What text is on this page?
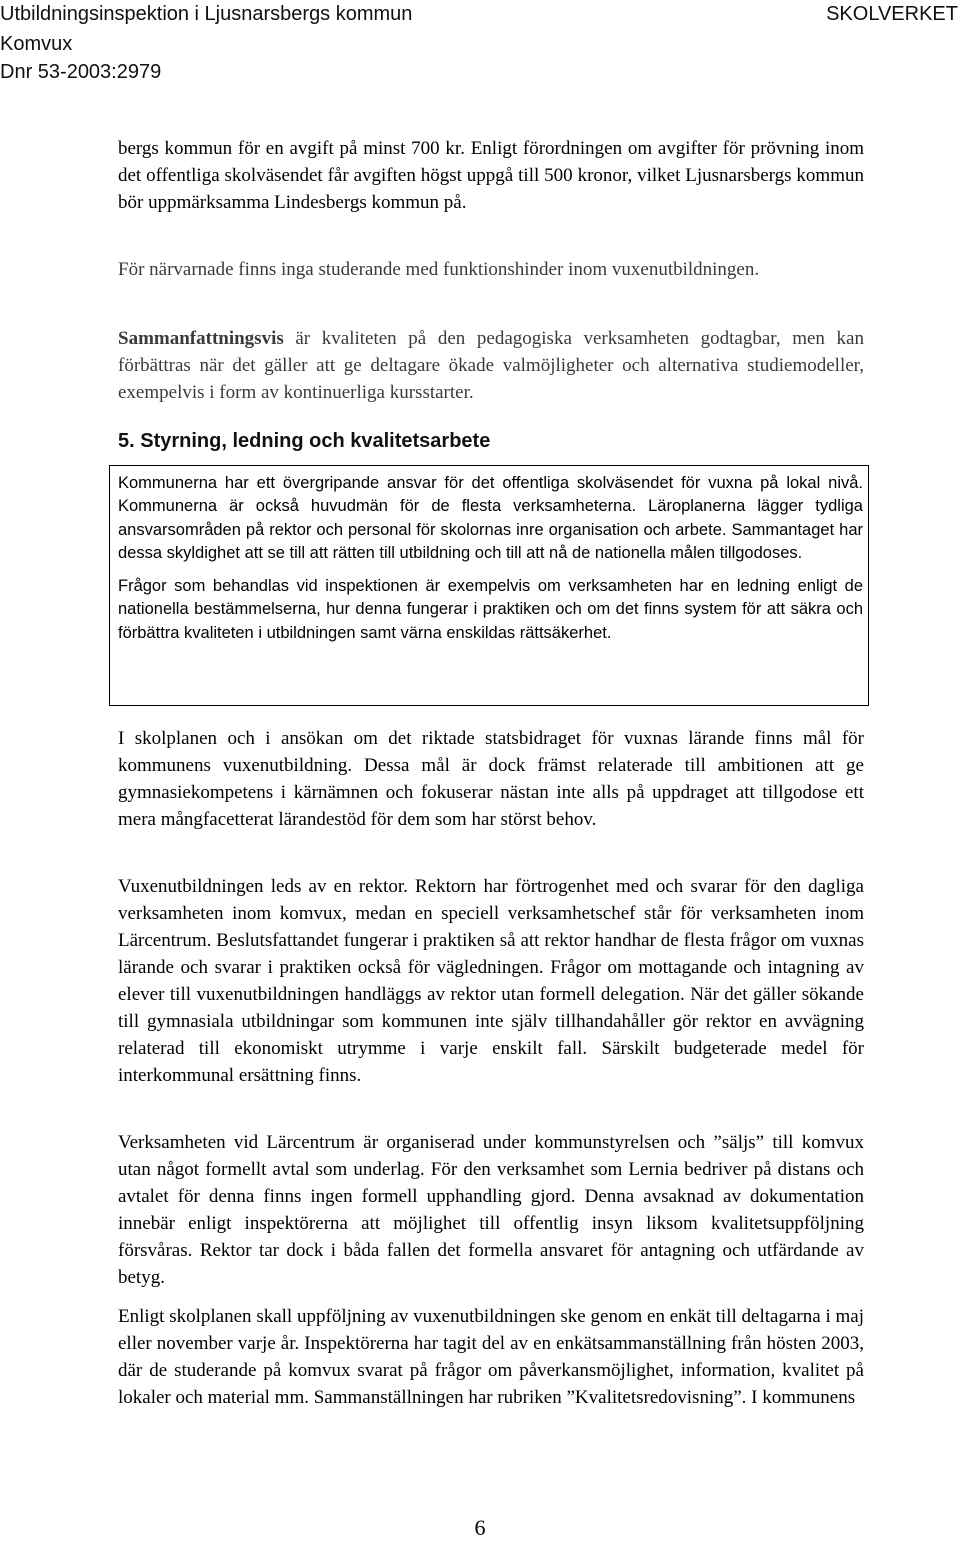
Utbildningsinspektion i Ljusnarsbergs kommun
Komvux
Dnr 53-2003:2979
SKOLVERKET

bergs kommun för en avgift på minst 700 kr. Enligt förordningen om avgifter för prövning inom det offentliga skolväsendet får avgiften högst uppgå till 500 kronor, vilket Ljusnarsbergs kommun bör uppmärksamma Lindesbergs kommun på.

För närvarnade finns inga studerande med funktionshinder inom vuxenutbildningen.

Sammanfattningsvis är kvaliteten på den pedagogiska verksamheten godtagbar, men kan förbättras när det gäller att ge deltagare ökade valmöjligheter och alternativa studiemodeller, exempelvis i form av kontinuerliga kursstarter.

5. Styrning, ledning och kvalitetsarbete

Kommunerna har ett övergripande ansvar för det offentliga skolväsendet för vuxna på lokal nivå. Kommunerna är också huvudmän för de flesta verksamheterna. Läroplanerna lägger tydliga ansvarsområden på rektor och personal för skolornas inre organisation och arbete. Sammantaget har dessa skyldighet att se till att rätten till utbildning och till att nå de nationella målen tillgodoses.

Frågor som behandlas vid inspektionen är exempelvis om verksamheten har en ledning enligt de nationella bestämmelserna, hur denna fungerar i praktiken och om det finns system för att säkra och förbättra kvaliteten i utbildningen samt värna enskildas rättsäkerhet.

I skolplanen och i ansökan om det riktade statsbidraget för vuxnas lärande finns mål för kommunens vuxenutbildning. Dessa mål är dock främst relaterade till ambitionen att ge gymnasiekompetens i kärnämnen och fokuserar nästan inte alls på uppdraget att tillgodose ett mera mångfacetterat lärandestöd för dem som har störst behov.

Vuxenutbildningen leds av en rektor. Rektorn har förtrogenhet med och svarar för den dagliga verksamheten inom komvux, medan en speciell verksamhetschef står för verksamheten inom Lärcentrum. Beslutsfattandet fungerar i praktiken så att rektor handhar de flesta frågor om vuxnas lärande och svarar i praktiken också för vägledningen. Frågor om mottagande och intagning av elever till vuxenutbildningen handläggs av rektor utan formell delegation. När det gäller sökande till gymnasiala utbildningar som kommunen inte själv tillhandahåller gör rektor en avvägning relaterad till ekonomiskt utrymme i varje enskilt fall. Särskilt budgeterade medel för interkommunal ersättning finns.

Verksamheten vid Lärcentrum är organiserad under kommunstyrelsen och ”säljs” till komvux utan något formellt avtal som underlag. För den verksamhet som Lernia bedriver på distans och avtalet för denna finns ingen formell upphandling gjord. Denna avsaknad av dokumentation innebär enligt inspektörerna att möjlighet till offentlig insyn liksom kvalitetsuppföljning försvåras. Rektor tar dock i båda fallen det formella ansvaret för antagning och utfärdande av betyg.

Enligt skolplanen skall uppföljning av vuxenutbildningen ske genom en enkät till deltagarna i maj eller november varje år. Inspektörerna har tagit del av en enkätsammanställning från hösten 2003, där de studerande på komvux svarat på frågor om påverkansmöjlighet, information, kvalitet på lokaler och material mm. Sammanställningen har rubriken ”Kvalitetsredovisning”. I kommunens

6
